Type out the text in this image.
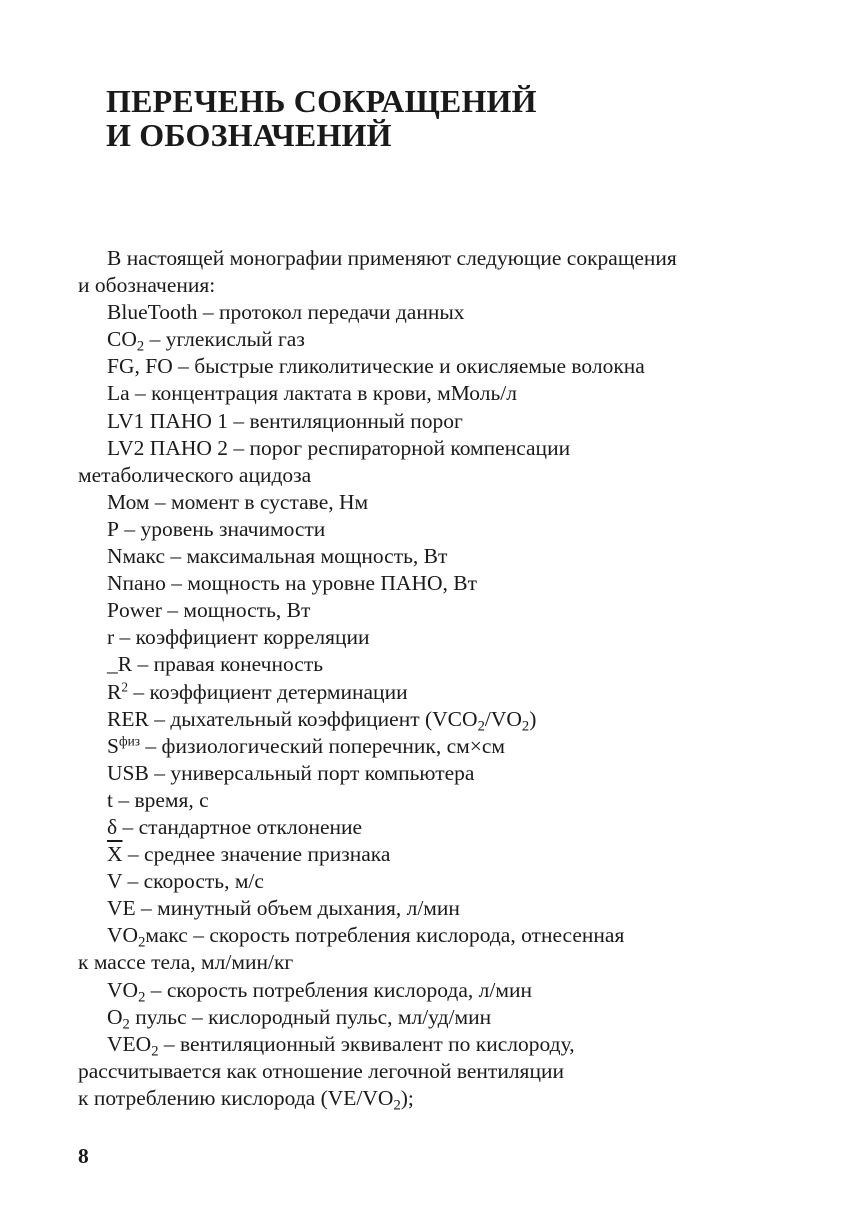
ПЕРЕЧЕНЬ СОКРАЩЕНИЙ
И ОБОЗНАЧЕНИЙ
В настоящей монографии применяют следующие сокращения
и обозначения:
BlueTooth – протокол передачи данных
$CO_2$ – углекислый газ
FG, FO – быстрые гликолитические и окисляемые волокна
La – концентрация лактата в крови, мМоль/л
LV1 ПАНО 1 – вентиляционный порог
LV2 ПАНО 2 – порог респираторной компенсации
метаболического ацидоза
Мом – момент в суставе, Нм
Р – уровень значимости
Nмакс – максимальная мощность, Вт
Nпано – мощность на уровне ПАНО, Вт
Power – мощность, Вт
r – коэффициент корреляции
_R – правая конечность
$R^2$ – коэффициент детерминации
RER – дыхательный коэффициент $(VCO_2/VO_2)$
$S^{физ}$ – физиологический поперечник, см×см
USB – универсальный порт компьютера
t – время, с
δ – стандартное отклонение
$\overline{X}$ – среднее значение признака
V – скорость, м/с
VE – минутный объем дыхания, л/мин
$VO_2макс$ – скорость потребления кислорода, отнесенная
к массе тела, мл/мин/кг
$VO_2$ – скорость потребления кислорода, л/мин
$O_2$ пульс – кислородный пульс, мл/уд/мин
$VEO_2$ – вентиляционный эквивалент по кислороду,
рассчитывается как отношение легочной вентиляции
к потреблению кислорода $(VE/VO_2)$;
8
